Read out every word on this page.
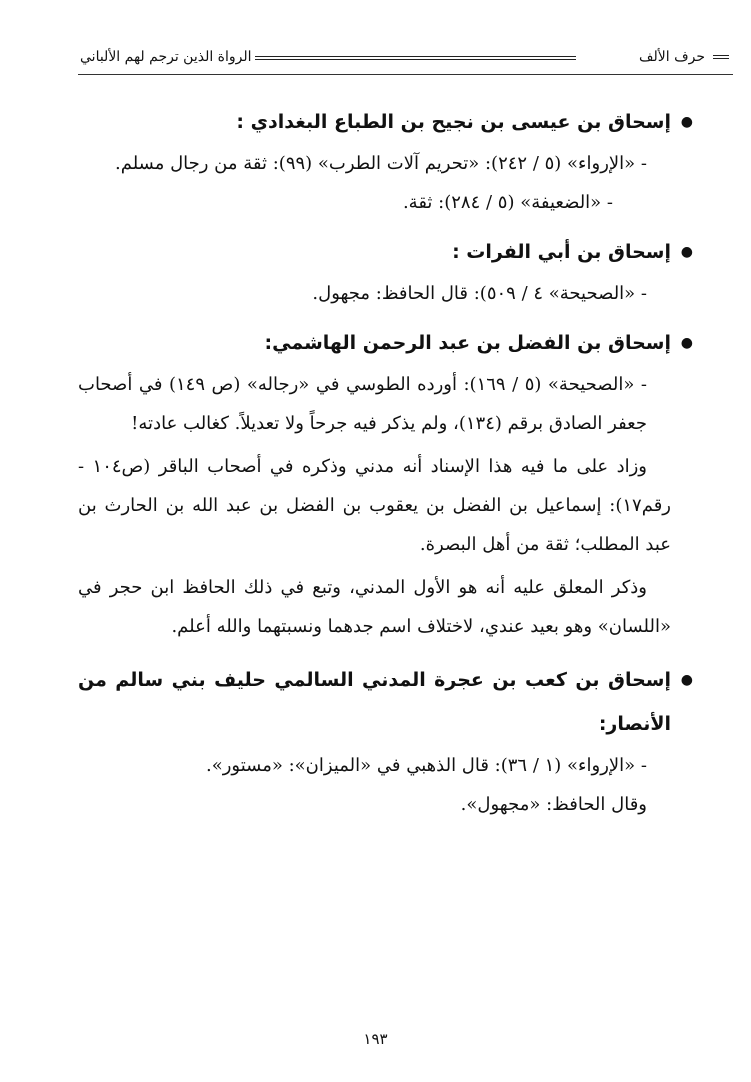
حرف الألف
الرواة الذين ترجم لهم الألباني
●
إسحاق بن عيسى بن نجيح بن الطباع البغدادي :

- «الإرواء» (٥ / ٢٤٢): «تحريم آلات الطرب» (٩٩): ثقة من رجال مسلم.

- «الضعيفة» (٥ / ٢٨٤): ثقة.

●
إسحاق بن أبي الفرات :

- «الصحيحة» ٤ / ٥٠٩): قال الحافظ: مجهول.

●
إسحاق بن الفضل بن عبد الرحمن الهاشمي:

- «الصحيحة» (٥ / ١٦٩): أورده الطوسي في «رجاله» (ص ١٤٩) في أصحاب جعفر الصادق برقم (١٣٤)، ولم يذكر فيه جرحاً ولا تعديلاً. كغالب عادته!

وزاد على ما فيه هذا الإسناد أنه مدني وذكره في أصحاب الباقر (ص١٠٤ - رقم١٧): إسماعيل بن الفضل بن يعقوب بن الفضل بن عبد الله بن الحارث بن عبد المطلب؛ ثقة من أهل البصرة.

وذكر المعلق عليه أنه هو الأول المدني، وتبع في ذلك الحافظ ابن حجر في «اللسان» وهو بعيد عندي، لاختلاف اسم جدهما ونسبتهما والله أعلم.

●
إسحاق بن كعب بن عجرة المدني السالمي حليف بني سالم من الأنصار:

- «الإرواء» (١ / ٣٦): قال الذهبي في «الميزان»: «مستور».

وقال الحافظ: «مجهول».

١٩٣
